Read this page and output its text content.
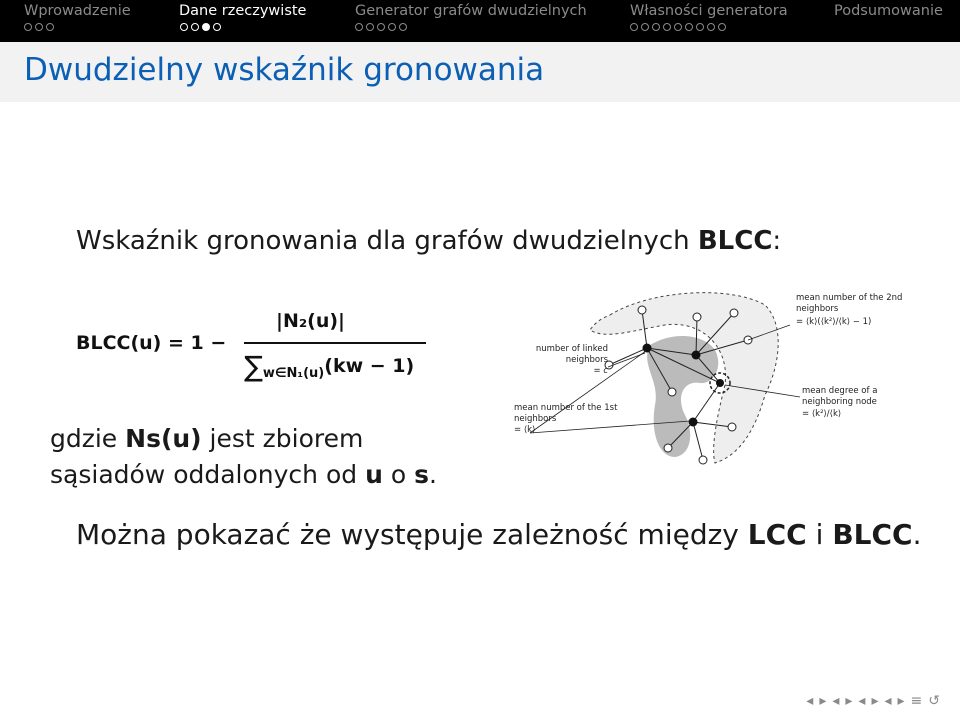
Wprowadzenie	Dane rzeczywiste	Generator grafów dwudzielnych	Własności generatora	Podsumowanie
Dwudzielny wskaźnik gronowania
Wskaźnik gronowania dla grafów dwudzielnych BLCC:
BLCC(u) = 1 −
|N₂(u)|
$\sum_{w\in N_1(u)}(kw - 1)$
gdzie Ns(u) jest zbiorem
sąsiadów oddalonych od u o s.
number of linked
neighbors
= c
mean number of the 1st
neighbors
= ⟨k⟩
mean number of the 2nd
neighbors
= ⟨k⟩(⟨k²⟩/⟨k⟩ − 1)
mean degree of a
neighboring node
= ⟨k²⟩/⟨k⟩
Można pokazać że występuje zależność między LCC i BLCC.
◂ ▸ ◂ ▸ ◂ ▸ ◂ ▸ ≡ ↺
